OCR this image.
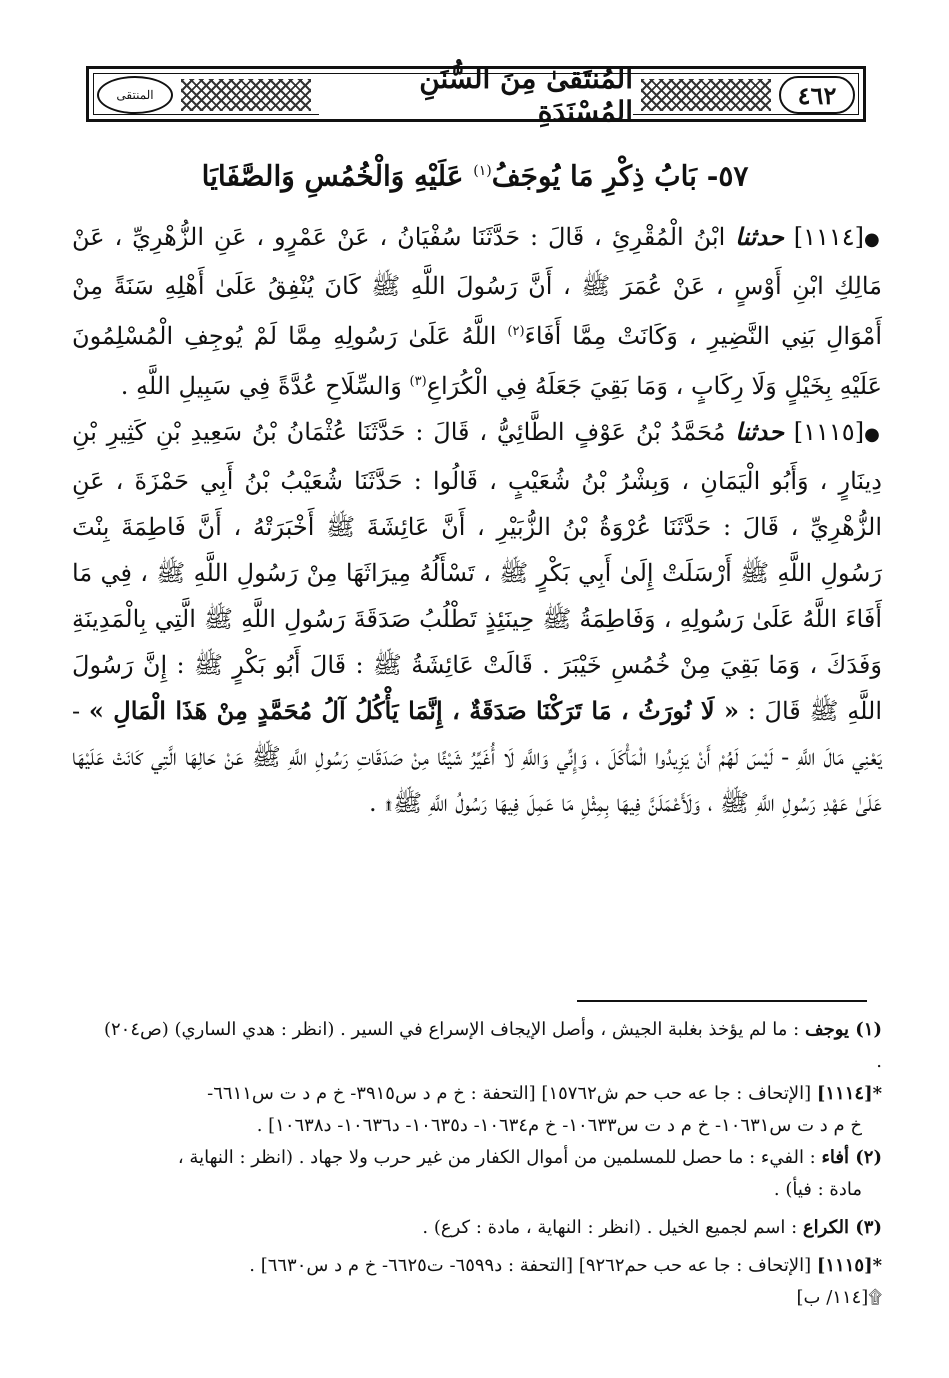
المنتقى	المُنتَقىٰ مِنَ السُّنَنِ المُسْنَدَةِ	٤٦٢
٥٧- بَابُ ذِكْرِ مَا يُوجَفُ$^{(١)}$ عَلَيْهِ وَالْخُمُسِ وَالصَّفَايَا

●[١١١٤] حدثنا ابْنُ الْمُقْرِئِ ، قَالَ : حَدَّثَنَا سُفْيَانُ ، عَنْ عَمْرٍو ، عَنِ الزُّهْرِيِّ ، عَنْ مَالِكِ ابْنِ أَوْسٍ ، عَنْ عُمَرَ ﷺ ، أَنَّ رَسُولَ اللَّهِ ﷺ كَانَ يُنْفِقُ عَلَىٰ أَهْلِهِ سَنَةً مِنْ أَمْوَالِ بَنِي النَّضِيرِ ، وَكَانَتْ مِمَّا أَفَاءَ$^{(٢)}$ اللَّهُ عَلَىٰ رَسُولِهِ مِمَّا لَمْ يُوجِفِ الْمُسْلِمُونَ عَلَيْهِ بِخَيْلٍ وَلَا رِكَابٍ ، وَمَا بَقِيَ جَعَلَهُ فِي الْكُرَاعِ$^{(٣)}$ وَالسِّلَاحِ عُدَّةً فِي سَبِيلِ اللَّهِ .

●[١١١٥] حدثنا مُحَمَّدُ بْنُ عَوْفٍ الطَّائِيُّ ، قَالَ : حَدَّثَنَا عُثْمَانُ بْنُ سَعِيدِ بْنِ كَثِيرِ بْنِ دِينَارٍ ، وَأَبُو الْيَمَانِ ، وَبِشْرُ بْنُ شُعَيْبٍ ، قَالُوا : حَدَّثَنَا شُعَيْبُ بْنُ أَبِي حَمْزَةَ ، عَنِ الزُّهْرِيِّ ، قَالَ : حَدَّثَنَا عُرْوَةُ بْنُ الزُّبَيْرِ ، أَنَّ عَائِشَةَ ﷺ أَخْبَرَتْهُ ، أَنَّ فَاطِمَةَ بِنْتَ رَسُولِ اللَّهِ ﷺ أَرْسَلَتْ إِلَىٰ أَبِي بَكْرٍ ﷺ ، تَسْأَلُهُ مِيرَاثَهَا مِنْ رَسُولِ اللَّهِ ﷺ ، فِي مَا أَفَاءَ اللَّهُ عَلَىٰ رَسُولِهِ ، وَفَاطِمَةُ ﷺ حِينَئِذٍ تَطْلُبُ صَدَقَةَ رَسُولِ اللَّهِ ﷺ الَّتِي بِالْمَدِينَةِ وَفَدَكَ ، وَمَا بَقِيَ مِنْ خُمُسِ خَيْبَرَ . قَالَتْ عَائِشَةُ ﷺ : قَالَ أَبُو بَكْرٍ ﷺ : إِنَّ رَسُولَ اللَّهِ ﷺ قَالَ : « لَا نُورَثُ ، مَا تَرَكْنَا صَدَقَةٌ ، إِنَّمَا يَأْكُلُ آلُ مُحَمَّدٍ مِنْ هَذَا الْمَالِ » - يَعْنِي مَالَ اللَّهِ - لَيْسَ لَهُمْ أَنْ يَزِيدُوا الْمَأْكَلَ ، وَإِنِّي وَاللَّهِ لَا أُغَيِّرُ شَيْئًا مِنْ صَدَقَاتِ رَسُولِ اللَّهِ ﷺ عَنْ حَالِهَا الَّتِي كَانَتْ عَلَيْهَا عَلَىٰ عَهْدِ رَسُولِ اللَّهِ ﷺ ، وَلَأَعْمَلَنَّ فِيهَا بِمِثْلِ مَا عَمِلَ فِيهَا رَسُولُ اللَّهِ ﷺ۩ .

(١) يوجف : ما لم يؤخذ بغلبة الجيش ، وأصل الإيجاف الإسراع في السير . (انظر : هدي الساري) (ص٢٠٤) .

*[١١١٤] [الإتحاف : جا عه حب حم ش١٥٧٦٢] [التحفة : خ م د س٣٩١٥- خ م د ت س٦٦١١-

خ م د ت س١٠٦٣١- خ م د ت س١٠٦٣٣- خ م١٠٦٣٤- د١٠٦٣٥- د١٠٦٣٦- د١٠٦٣٨] .

(٢) أفاء : الفيء : ما حصل للمسلمين من أموال الكفار من غير حرب ولا جهاد . (انظر : النهاية ،

مادة : فيأ) .

(٣) الكراع : اسم لجميع الخيل . (انظر : النهاية ، مادة : كرع) .

*[١١١٥] [الإتحاف : جا عه حب حم٩٢٦٢] [التحفة : د٦٥٩٩- ت٦٦٢٥- خ م د س٦٦٣٠] .

۩[١١٤/ ب]
